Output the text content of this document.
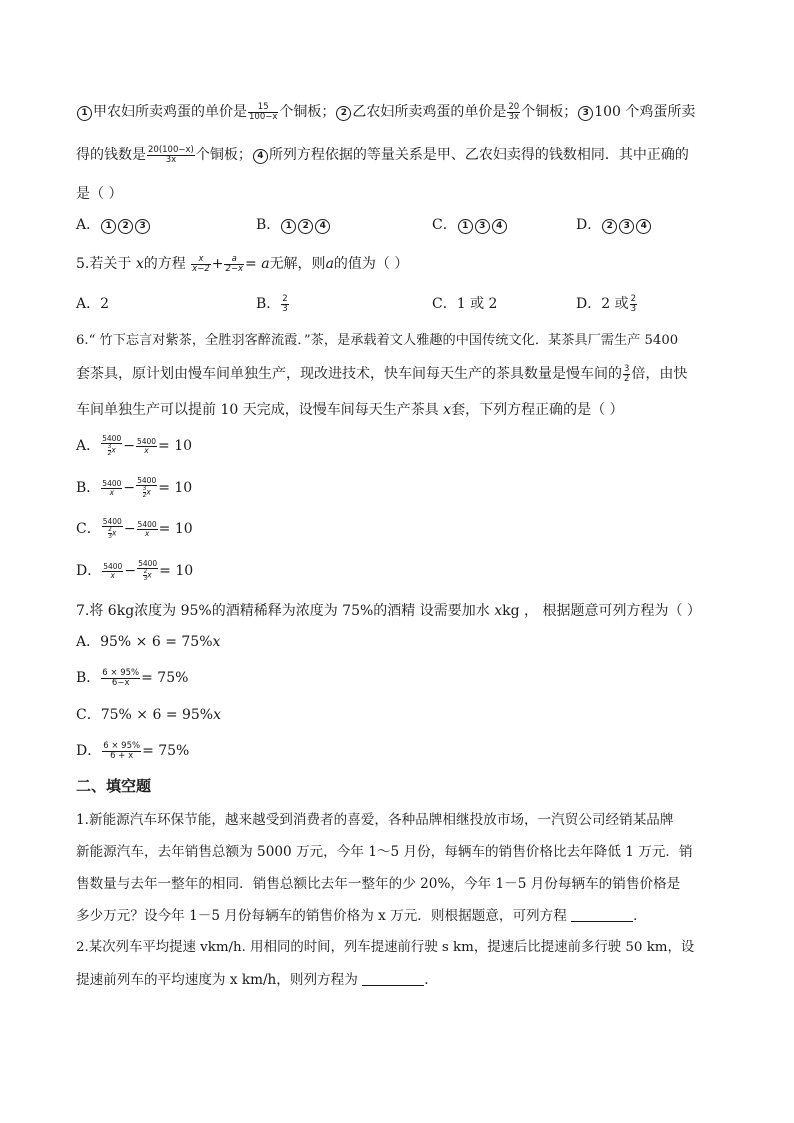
1 甲农妇所卖鸡蛋的单价是 $\frac{15}{100-x}$ 个铜板； 2 乙农妇所卖鸡蛋的单价是 $\frac{20}{3x}$ 个铜板； 3 100 个鸡蛋所卖
得的钱数是 $\frac{20(100-x)}{3x}$ 个铜板； 4 所列方程依据的等量关系是甲、乙农妇卖得的钱数相同．其中正确的
是（ ）
A． 1 2 3	B． 1 2 4	C． 1 3 4	D． 2 3 4
5.若关于 x的方程 $\frac{x}{x-2} + \frac{a}{2-x} = a$无解，则a的值为（ ）
A．2	B． $\frac{2}{3}$	C．1 或 2	D．2 或 $\frac{2}{3}$
6.“ 竹下忘言对紫茶，全胜羽客醉流霞．”茶，是承载着文人雅趣的中国传统文化．某茶具厂需生产 5400
套茶具，原计划由慢车间单独生产，现改进技术，快车间每天生产的茶具数量是慢车间的 $\frac{3}{2}$ 倍，由快
车间单独生产可以提前 10 天完成，设慢车间每天生产茶具 x套，下列方程正确的是（ ）
A． $\frac{5400}{\frac{3}{2} x} - \frac{5400}{x} = 10$
B． $\frac{5400}{x} - \frac{5400}{\frac{3}{2} x} = 10$
C． $\frac{5400}{\frac{2}{3} x} - \frac{5400}{x} = 10$
D． $\frac{5400}{x} - \frac{5400}{\frac{2}{3} x} = 10$
7.将 6kg浓度为 95%的酒精稀释为浓度为 75%的酒精 设需要加水 xkg ， 根据题意可列方程为（ ）
A．95% × 6 = 75%x
B． $\frac{6 \times 95\%}{6-x} = 75\%$
C．75% × 6 = 95%x
D． $\frac{6 \times 95\%}{6 + x} = 75\%$
二、填空题
1.新能源汽车环保节能，越来越受到消费者的喜爱，各种品牌相继投放市场，一汽贸公司经销某品牌
新能源汽车，去年销售总额为 5000 万元，今年 1～5 月份，每辆车的销售价格比去年降低 1 万元．销
售数量与去年一整年的相同．销售总额比去年一整年的少 20%，今年 1－5 月份每辆车的销售价格是
多少万元？设今年 1－5 月份每辆车的销售价格为 x 万元．则根据题意，可列方程	．
2.某次列车平均提速 vkm/h. 用相同的时间，列车提速前行驶 s km，提速后比提速前多行驶 50 km，设
提速前列车的平均速度为 x km/h，则列方程为	.
